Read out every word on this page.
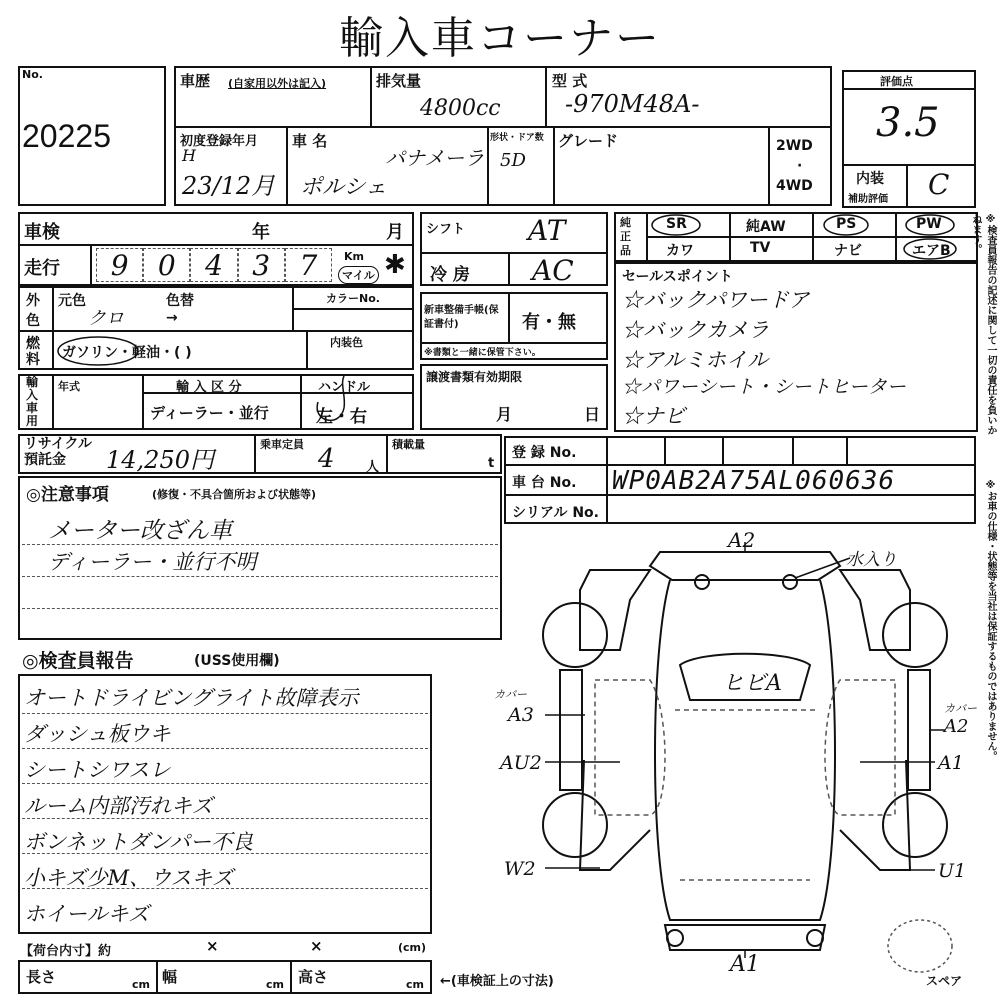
輸入車コーナー
No.
20225
車歴 (自家用以外は記入)	排気量
4800cc
型 式
-970M48A-
初度登録年月
H
23/12月
車 名
パナメーラ
ポルシェ
形状・ドア数
5D
グレード	2WD
·
4WD
評価点
3.5
内装
補助評価 C
車検	年	月
走行	9	0	4	3	7	Km
マイル ✱
シフト AT
冷 房 AC
純正品
SR	純AW	PS	PW
カワ	TV	ナビ	エアB
セールスポイント
☆バックパワードア
☆バックカメラ
☆アルミホイル
☆パワーシート・シートヒーター
☆ナビ
外
色
元色	色替
クロ	→
カラーNo.
燃料 ガソリン・軽油・( )
内装色
新車整備手帳(保証書付)	有・無
※書類と一緒に保管下さい。
輸入車用
年式	輸 入 区 分
ディーラー・並行
ハンドル
左・右
譲渡書類有効期限
月	日
リサイクル預託金	14,250円
乗車定員 4 人
積載量
t
登 録 No.
車 台 No. WP0AB2A75AL060636
シリアル No.
◎注意事項	(修復・不具合箇所および状態等)
メーター改ざん車
ディーラー・並行不明
◎検査員報告	(USS使用欄)
オートドライビングライト故障表示
ダッシュ板ウキ
シートシワスレ
ルーム内部汚れキズ
ボンネットダンパー不良
小キズ少M、ウスキズ
ホイールキズ
A2
水入り
ヒビA
カバー
A3
AU2
W2
カバー
A2
A1
U1
A1
スペア
【荷台内寸】約	×	×	(cm)
長さ	cm 幅	cm 高さ	cm ←(車検証上の寸法)
※検査員報告の記述に関して一切の責任を負いかねます。
※お車の仕様・状態等を当社は保証するものではありません。
